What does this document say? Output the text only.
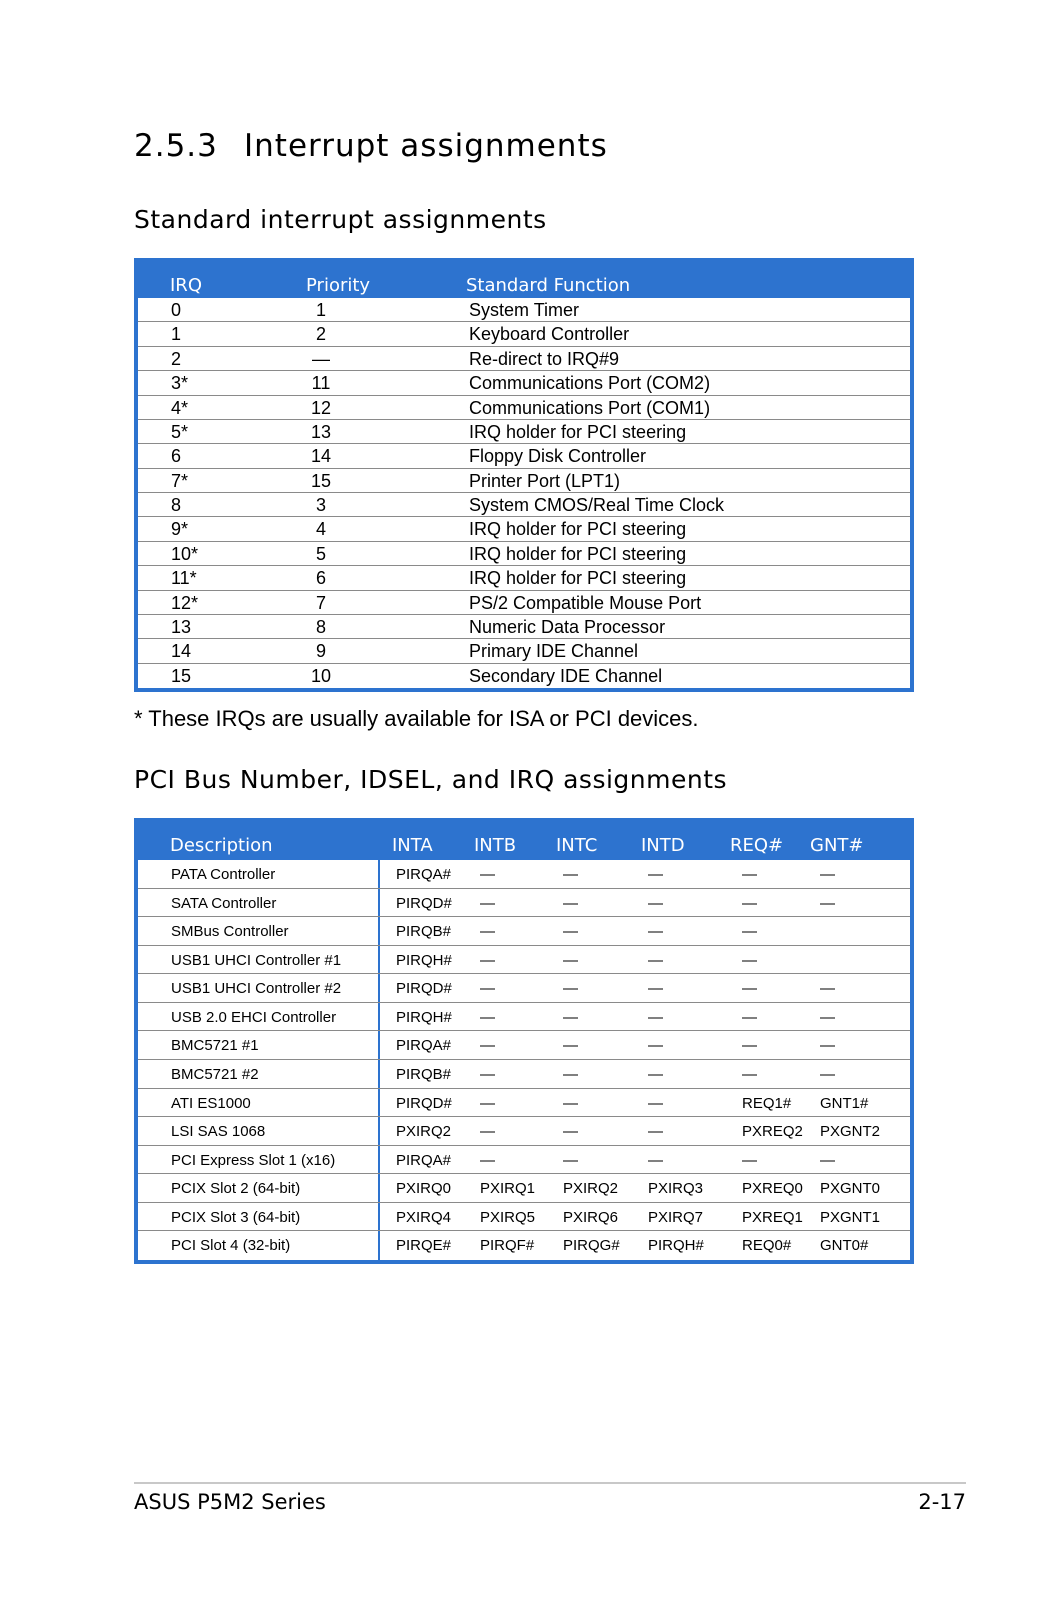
2.5.3 Interrupt assignments
Standard interrupt assignments
IRQ	Priority	Standard Function
0	1	System Timer
1	2	Keyboard Controller
2	—	Re-direct to IRQ#9
3*	11	Communications Port (COM2)
4*	12	Communications Port (COM1)
5*	13	IRQ holder for PCI steering
6	14	Floppy Disk Controller
7*	15	Printer Port (LPT1)
8	3	System CMOS/Real Time Clock
9*	4	IRQ holder for PCI steering
10*	5	IRQ holder for PCI steering
11*	6	IRQ holder for PCI steering
12*	7	PS/2 Compatible Mouse Port
13	8	Numeric Data Processor
14	9	Primary IDE Channel
15	10	Secondary IDE Channel

* These IRQs are usually available for ISA or PCI devices.

PCI Bus Number, IDSEL, and IRQ assignments
Description	INTA INTB INTC INTD	REQ# GNT#
PATA Controller	PIRQA# —	—	—	—	—
SATA Controller	PIRQD# —	—	—	—	—
SMBus Controller	PIRQB# —	—	—	—
USB1 UHCI Controller #1	PIRQH# —	—	—	—
USB1 UHCI Controller #2	PIRQD# —	—	—	—	—
USB 2.0 EHCI Controller	PIRQH# —	—	—	—	—
BMC5721 #1	PIRQA# —	—	—	—	—
BMC5721 #2	PIRQB# —	—	—	—	—
ATI ES1000	PIRQD# —	—	—	REQ1# GNT1#
LSI SAS 1068	PXIRQ2 —	—	—	PXREQ2 PXGNT2
PCI Express Slot 1 (x16)	PIRQA# —	—	—	—	—
PCIX Slot 2 (64-bit)	PXIRQ0 PXIRQ1 PXIRQ2 PXIRQ3	PXREQ0 PXGNT0
PCIX Slot 3 (64-bit)	PXIRQ4 PXIRQ5 PXIRQ6 PXIRQ7	PXREQ1 PXGNT1
PCI Slot 4 (32-bit)	PIRQE# PIRQF# PIRQG# PIRQH#	REQ0# GNT0#

ASUS P5M2 Series	2-17
